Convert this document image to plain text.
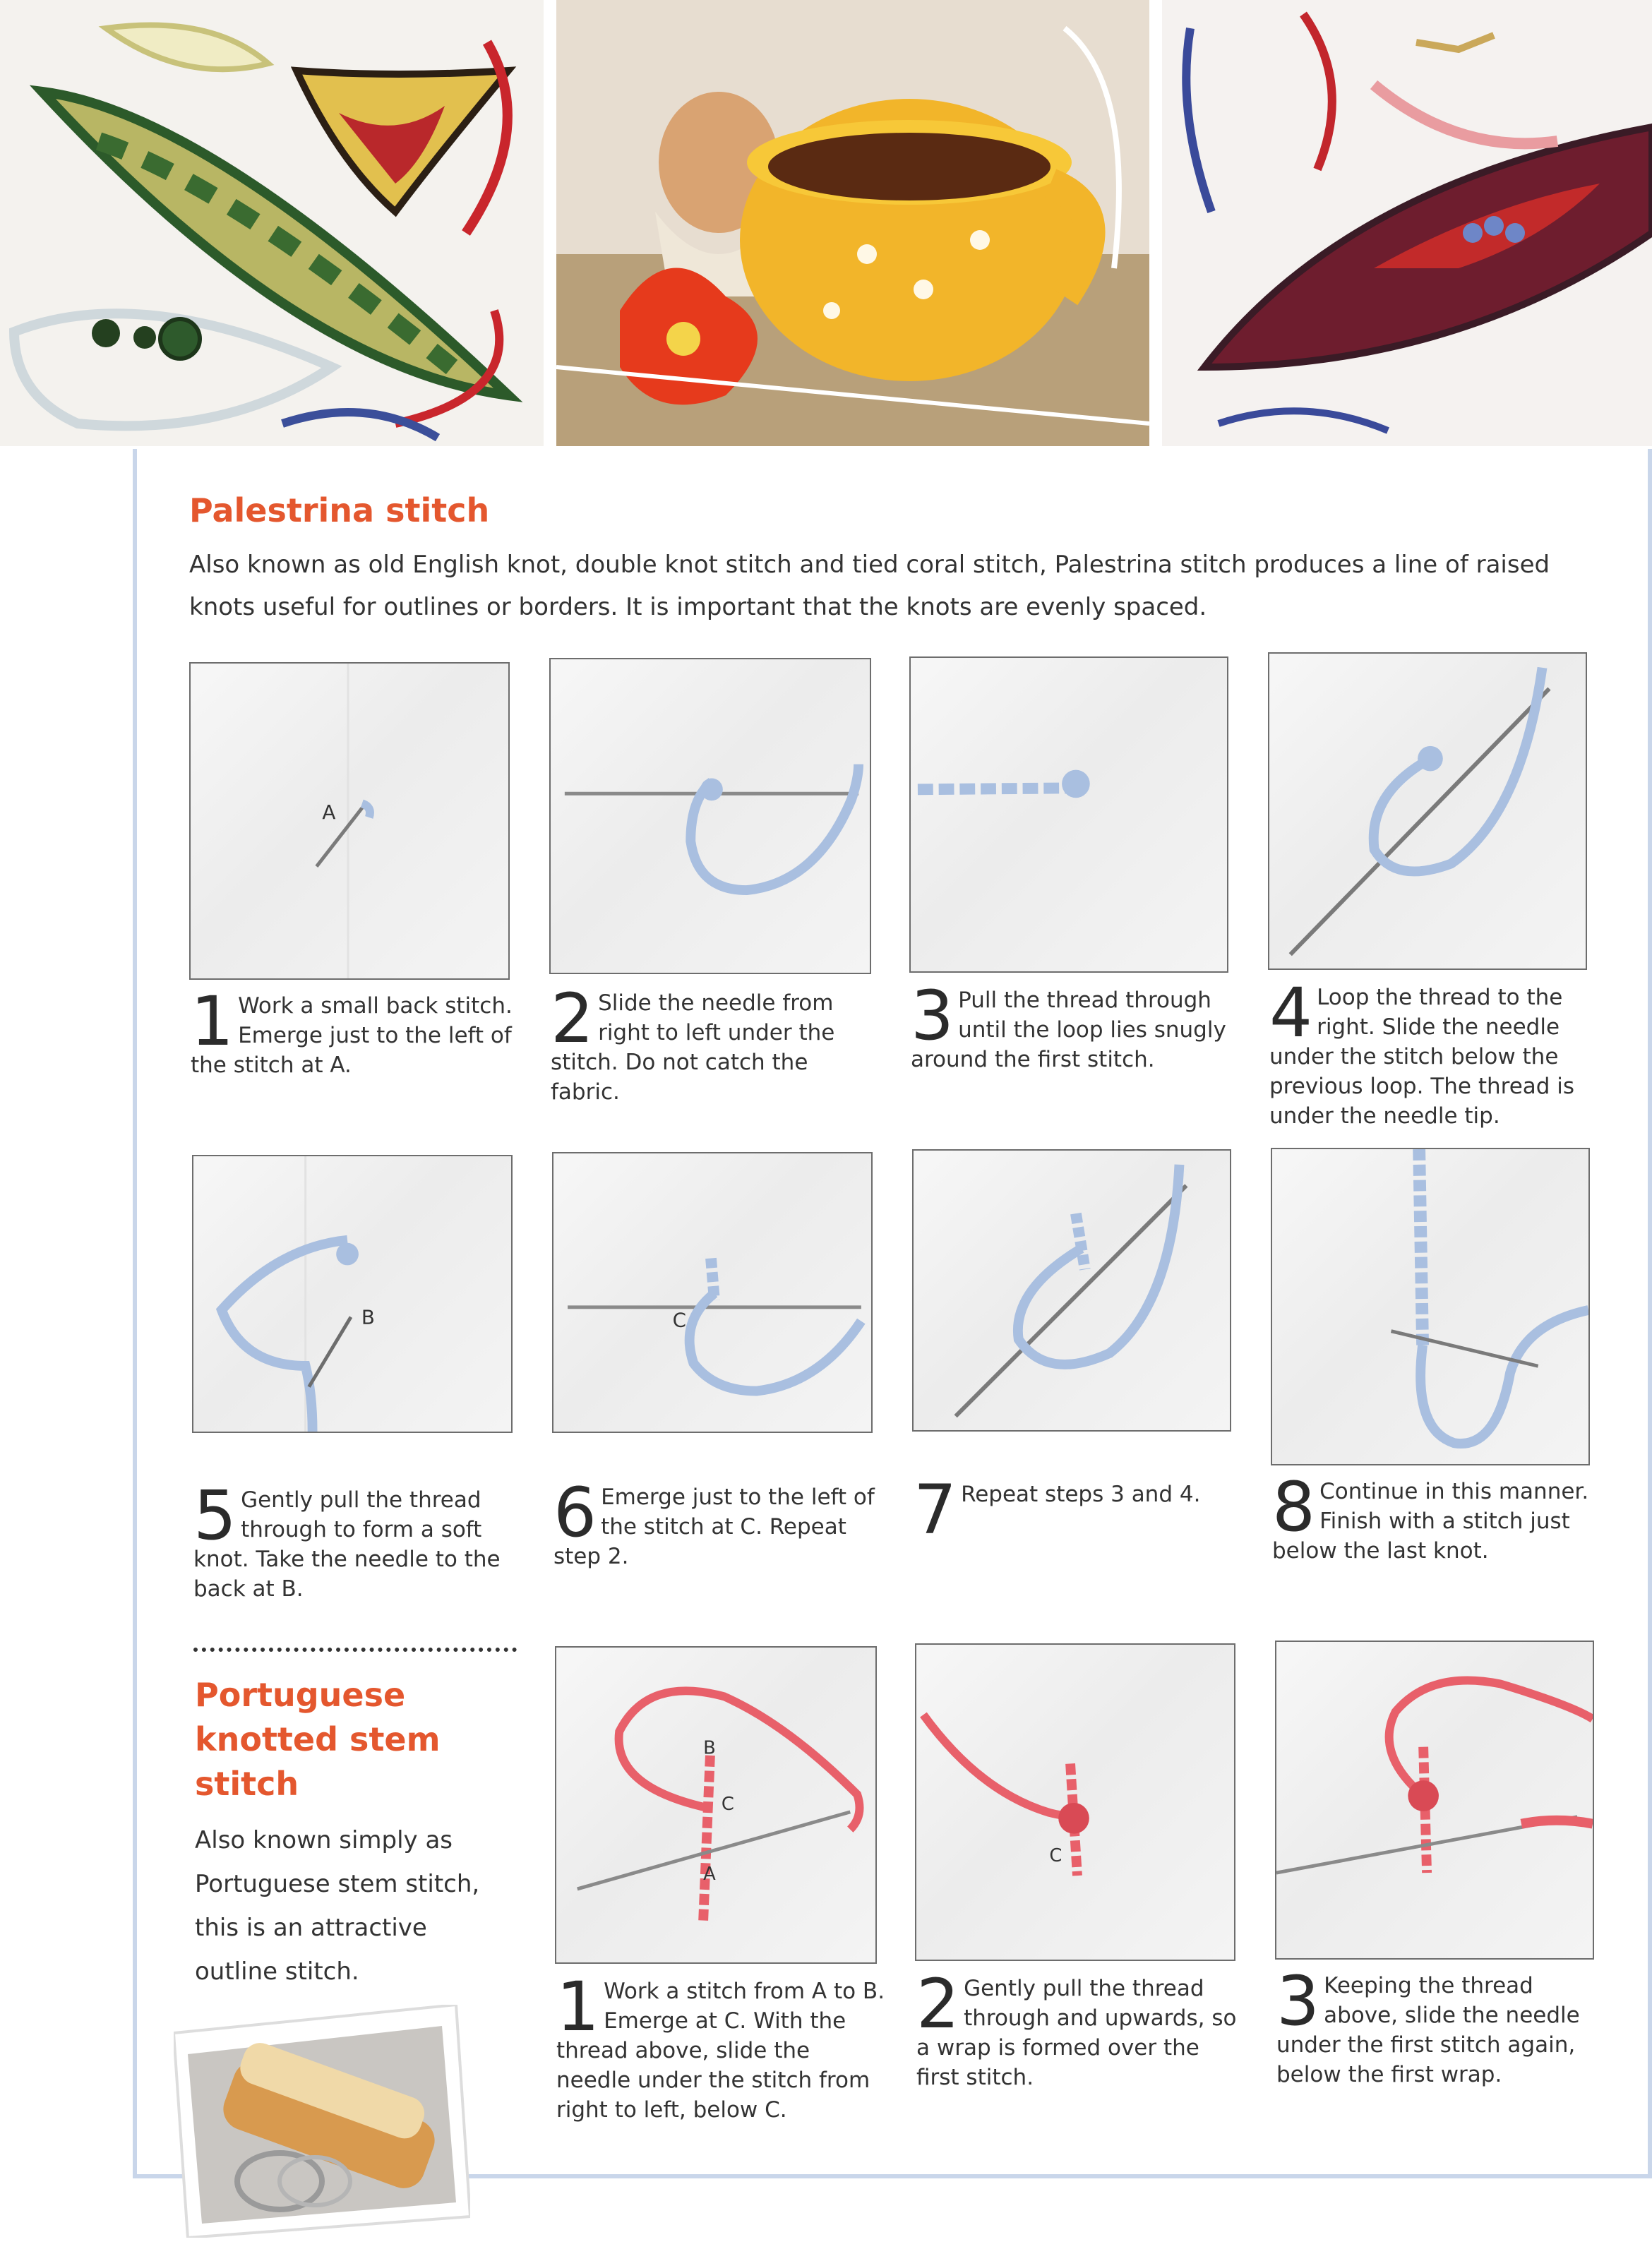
Palestrina stitch
Also known as old English knot, double knot stitch and tied coral stitch, Palestrina stitch produces a line of raised knots useful for outlines or borders. It is important that the knots are evenly spaced.
A
1 Work a small back stitch. Emerge just to the left of the stitch at A.
2 Slide the needle from right to left under the stitch. Do not catch the fabric.
3 Pull the thread through until the loop lies snugly around the first stitch.
4 Loop the thread to the right. Slide the needle under the stitch below the previous loop. The thread is under the needle tip.
B	C
5 Gently pull the thread through to form a soft knot. Take the needle to the back at B.
6 Emerge just to the left of the stitch at C. Repeat step 2.
7 Repeat steps 3 and 4.	8 Continue in this manner. Finish with a stitch just below the last knot.
Portuguese knotted stem stitch
Also known simply as Portuguese stem stitch, this is an attractive outline stitch.
B
C
A
C
1 Work a stitch from A to B. Emerge at C. With the thread above, slide the needle under the stitch from right to left, below C.
2 Gently pull the thread through and upwards, so a wrap is formed over the first stitch.
3 Keeping the thread above, slide the needle under the first stitch again, below the first wrap.
